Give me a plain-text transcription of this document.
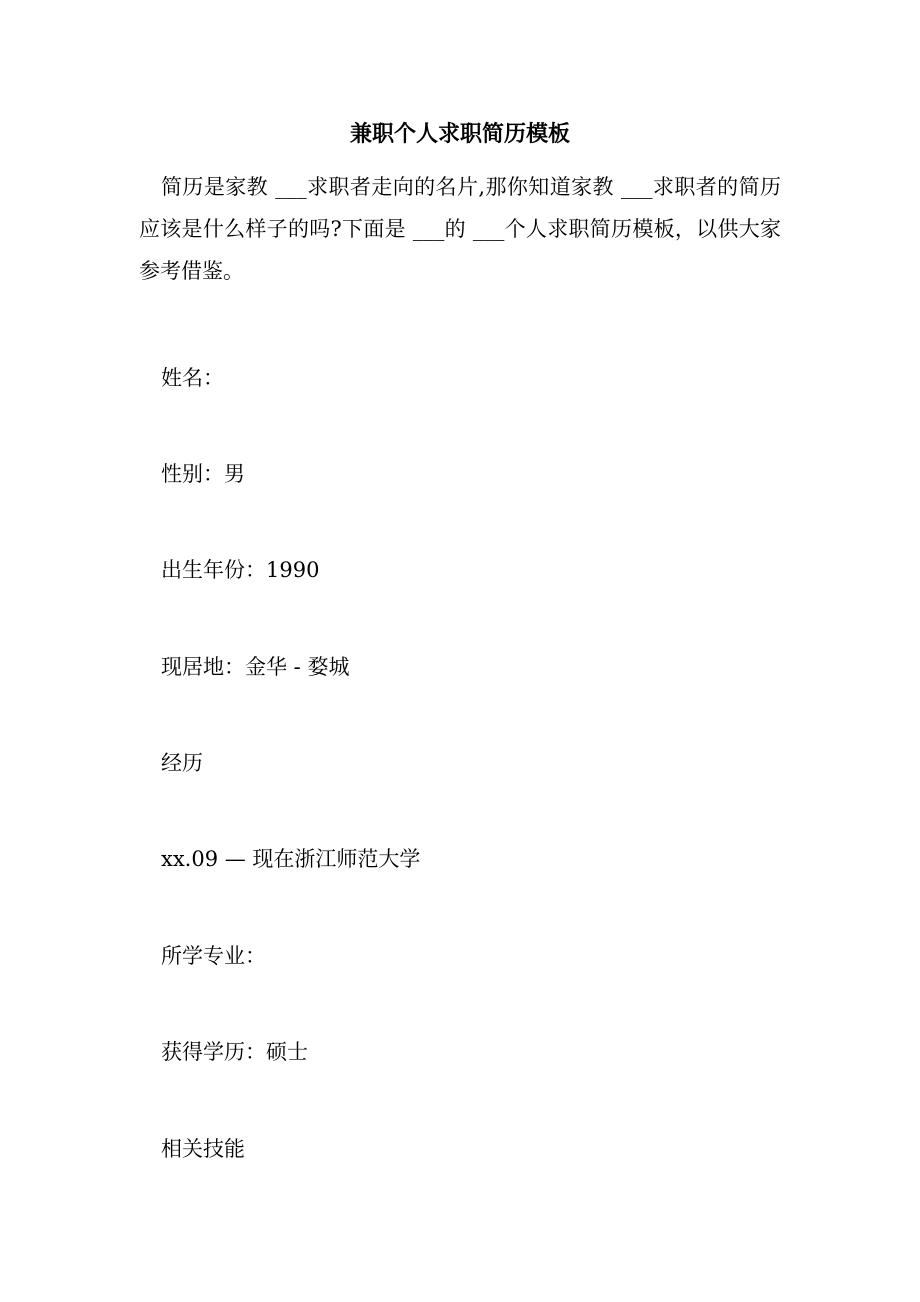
兼职个人求职简历模板

简历是家教 ___求职者走向的名片,那你知道家教 ___求职者的简历应该是什么样子的吗?下面是 ___的 ___个人求职简历模板，以供大家参考借鉴。

姓名：
性别：男
出生年份：1990
现居地：金华 - 婺城
经历
xx.09 — 现在浙江师范大学
所学专业：
获得学历：硕士
相关技能
